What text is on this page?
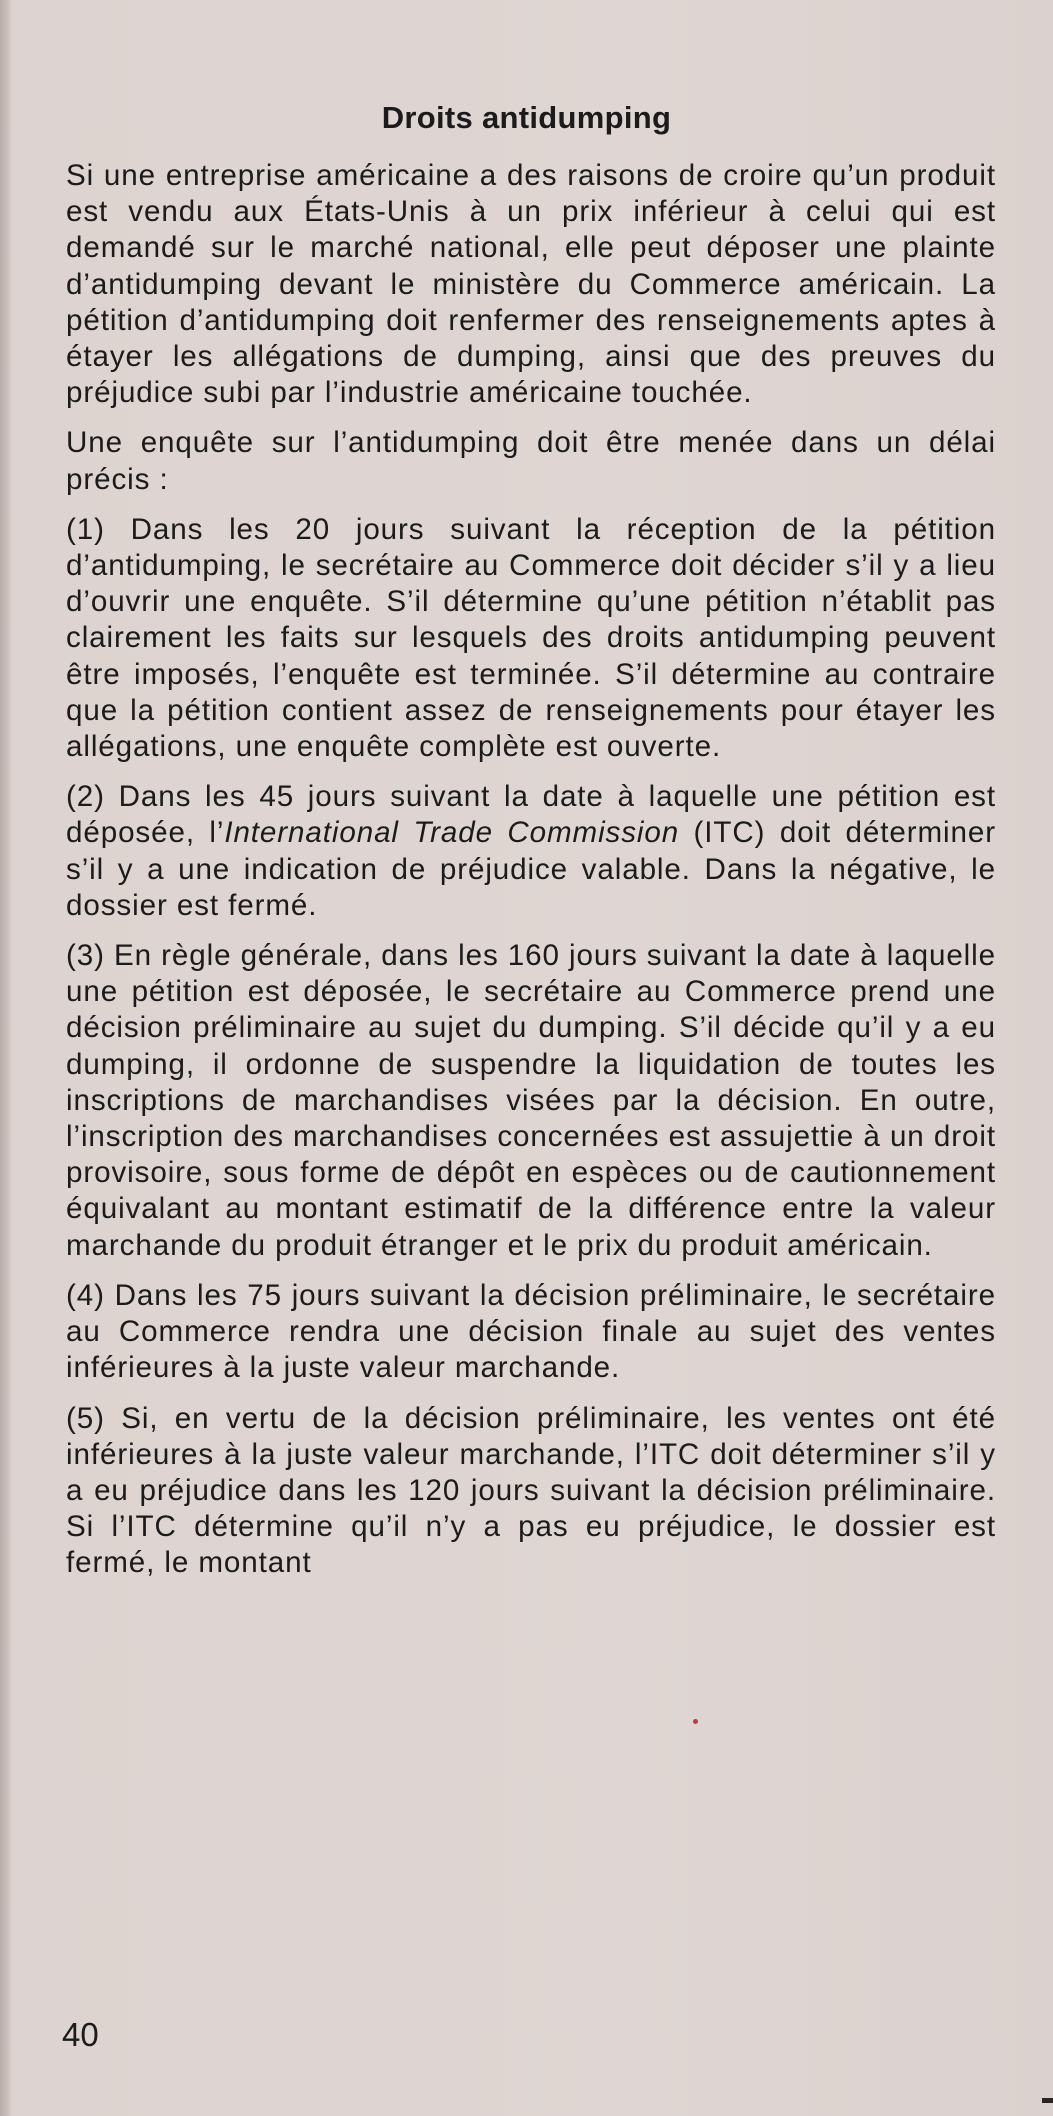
Droits antidumping

Si une entreprise américaine a des raisons de croire qu’un produit est vendu aux États-Unis à un prix inférieur à celui qui est demandé sur le marché national, elle peut déposer une plainte d’antidumping devant le ministère du Commerce américain. La pétition d’antidumping doit renfermer des renseignements aptes à étayer les allégations de dumping, ainsi que des preuves du préjudice subi par l’industrie américaine touchée.

Une enquête sur l’antidumping doit être menée dans un délai précis :

(1) Dans les 20 jours suivant la réception de la pétition d’antidumping, le secrétaire au Commerce doit décider s’il y a lieu d’ouvrir une enquête. S’il détermine qu’une pétition n’établit pas clairement les faits sur lesquels des droits antidumping peuvent être imposés, l’enquête est terminée. S’il détermine au contraire que la pétition contient assez de renseignements pour étayer les allégations, une enquête complète est ouverte.

(2) Dans les 45 jours suivant la date à laquelle une pétition est déposée, l’International Trade Commission (ITC) doit déterminer s’il y a une indication de préjudice valable. Dans la négative, le dossier est fermé.

(3) En règle générale, dans les 160 jours suivant la date à laquelle une pétition est déposée, le secrétaire au Commerce prend une décision préliminaire au sujet du dumping. S’il décide qu’il y a eu dumping, il ordonne de suspendre la liquidation de toutes les inscriptions de marchandises visées par la décision. En outre, l’inscription des marchandises concernées est assujettie à un droit provisoire, sous forme de dépôt en espèces ou de cautionnement équivalant au montant estimatif de la différence entre la valeur marchande du produit étranger et le prix du produit américain.

(4) Dans les 75 jours suivant la décision préliminaire, le secrétaire au Commerce rendra une décision finale au sujet des ventes inférieures à la juste valeur marchande.

(5) Si, en vertu de la décision préliminaire, les ventes ont été inférieures à la juste valeur marchande, l’ITC doit déterminer s’il y a eu préjudice dans les 120 jours suivant la décision préliminaire. Si l’ITC détermine qu’il n’y a pas eu préjudice, le dossier est fermé, le montant

40
